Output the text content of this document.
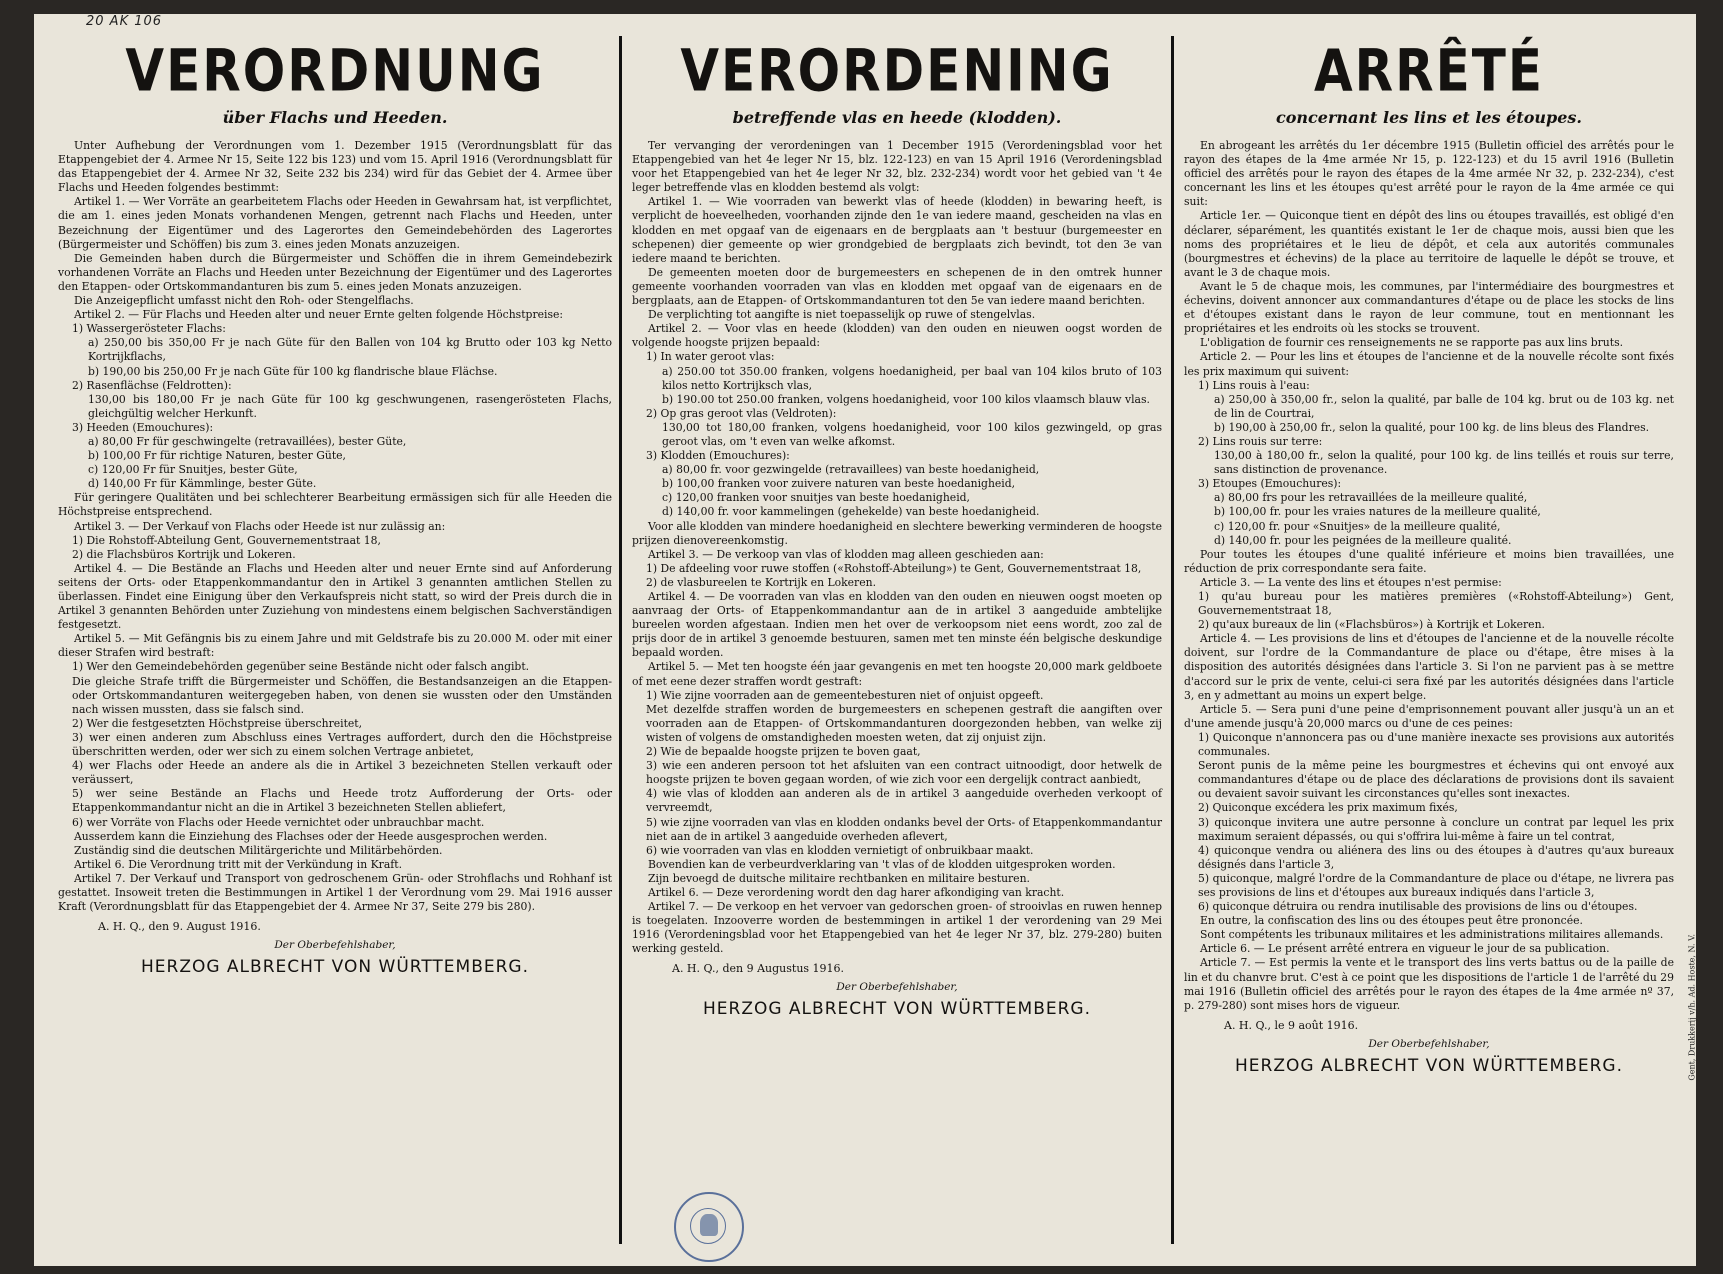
20 AK 106
VERORDNUNG
über Flachs und Heeden.

Unter Aufhebung der Verordnungen vom 1. Dezember 1915 (Verordnungsblatt für das Etappengebiet der 4. Armee Nr 15, Seite 122 bis 123) und vom 15. April 1916 (Verordnungsblatt für das Etappengebiet der 4. Armee Nr 32, Seite 232 bis 234) wird für das Gebiet der 4. Armee über Flachs und Heeden folgendes bestimmt:

Artikel 1. — Wer Vorräte an gearbeitetem Flachs oder Heeden in Gewahrsam hat, ist verpflichtet, die am 1. eines jeden Monats vorhandenen Mengen, getrennt nach Flachs und Heeden, unter Bezeichnung der Eigentümer und des Lagerortes den Gemeindebehörden des Lagerortes (Bürgermeister und Schöffen) bis zum 3. eines jeden Monats anzuzeigen.

Die Gemeinden haben durch die Bürgermeister und Schöffen die in ihrem Gemeindebezirk vorhandenen Vorräte an Flachs und Heeden unter Bezeichnung der Eigentümer und des Lagerortes den Etappen- oder Ortskommandanturen bis zum 5. eines jeden Monats anzuzeigen.

Die Anzeigepflicht umfasst nicht den Roh- oder Stengelflachs.

Artikel 2. — Für Flachs und Heeden alter und neuer Ernte gelten folgende Höchstpreise:

1) Wassergerösteter Flachs:

a) 250,00 bis 350,00 Fr je nach Güte für den Ballen von 104 kg Brutto oder 103 kg Netto Kortrijkflachs,

b) 190,00 bis 250,00 Fr je nach Güte für 100 kg flandrische blaue Flächse.

2) Rasenflächse (Feldrotten):

130,00 bis 180,00 Fr je nach Güte für 100 kg geschwungenen, rasengerösteten Flachs, gleichgültig welcher Herkunft.

3) Heeden (Emouchures):

a) 80,00 Fr für geschwingelte (retravaillées), bester Güte,

b) 100,00 Fr für richtige Naturen, bester Güte,

c) 120,00 Fr für Snuitjes, bester Güte,

d) 140,00 Fr für Kämmlinge, bester Güte.

Für geringere Qualitäten und bei schlechterer Bearbeitung ermässigen sich für alle Heeden die Höchstpreise entsprechend.

Artikel 3. — Der Verkauf von Flachs oder Heede ist nur zulässig an:

1) Die Rohstoff-Abteilung Gent, Gouvernementstraat 18,

2) die Flachsbüros Kortrijk und Lokeren.

Artikel 4. — Die Bestände an Flachs und Heeden alter und neuer Ernte sind auf Anforderung seitens der Orts- oder Etappenkommandantur den in Artikel 3 genannten amtlichen Stellen zu überlassen. Findet eine Einigung über den Verkaufspreis nicht statt, so wird der Preis durch die in Artikel 3 genannten Behörden unter Zuziehung von mindestens einem belgischen Sachverständigen festgesetzt.

Artikel 5. — Mit Gefängnis bis zu einem Jahre und mit Geldstrafe bis zu 20.000 M. oder mit einer dieser Strafen wird bestraft:

1) Wer den Gemeindebehörden gegenüber seine Bestände nicht oder falsch angibt.

Die gleiche Strafe trifft die Bürgermeister und Schöffen, die Bestandsanzeigen an die Etappen- oder Ortskommandanturen weitergegeben haben, von denen sie wussten oder den Umständen nach wissen mussten, dass sie falsch sind.

2) Wer die festgesetzten Höchstpreise überschreitet,

3) wer einen anderen zum Abschluss eines Vertrages auffordert, durch den die Höchstpreise überschritten werden, oder wer sich zu einem solchen Vertrage anbietet,

4) wer Flachs oder Heede an andere als die in Artikel 3 bezeichneten Stellen verkauft oder veräussert,

5) wer seine Bestände an Flachs und Heede trotz Aufforderung der Orts- oder Etappenkommandantur nicht an die in Artikel 3 bezeichneten Stellen abliefert,

6) wer Vorräte von Flachs oder Heede vernichtet oder unbrauchbar macht.

Ausserdem kann die Einziehung des Flachses oder der Heede ausgesprochen werden.

Zuständig sind die deutschen Militärgerichte und Militärbehörden.

Artikel 6. Die Verordnung tritt mit der Verkündung in Kraft.

Artikel 7. Der Verkauf und Transport von gedroschenem Grün- oder Strohflachs und Rohhanf ist gestattet. Insoweit treten die Bestimmungen in Artikel 1 der Verordnung vom 29. Mai 1916 ausser Kraft (Verordnungsblatt für das Etappengebiet der 4. Armee Nr 37, Seite 279 bis 280).

A. H. Q., den 9. August 1916.
Der Oberbefehlshaber,
HERZOG ALBRECHT VON WÜRTTEMBERG.
VERORDENING
betreffende vlas en heede (klodden).

Ter vervanging der verordeningen van 1 December 1915 (Verordeningsblad voor het Etappengebied van het 4e leger Nr 15, blz. 122-123) en van 15 April 1916 (Verordeningsblad voor het Etappengebied van het 4e leger Nr 32, blz. 232-234) wordt voor het gebied van 't 4e leger betreffende vlas en klodden bestemd als volgt:

Artikel 1. — Wie voorraden van bewerkt vlas of heede (klodden) in bewaring heeft, is verplicht de hoeveelheden, voorhanden zijnde den 1e van iedere maand, gescheiden na vlas en klodden en met opgaaf van de eigenaars en de bergplaats aan 't bestuur (burgemeester en schepenen) dier gemeente op wier grondgebied de bergplaats zich bevindt, tot den 3e van iedere maand te berichten.

De gemeenten moeten door de burgemeesters en schepenen de in den omtrek hunner gemeente voorhanden voorraden van vlas en klodden met opgaaf van de eigenaars en de bergplaats, aan de Etappen- of Ortskommandanturen tot den 5e van iedere maand berichten.

De verplichting tot aangifte is niet toepasselijk op ruwe of stengelvlas.

Artikel 2. — Voor vlas en heede (klodden) van den ouden en nieuwen oogst worden de volgende hoogste prijzen bepaald:

1) In water geroot vlas:

a) 250.00 tot 350.00 franken, volgens hoedanigheid, per baal van 104 kilos bruto of 103 kilos netto Kortrijksch vlas,

b) 190.00 tot 250.00 franken, volgens hoedanigheid, voor 100 kilos vlaamsch blauw vlas.

2) Op gras geroot vlas (Veldroten):

130,00 tot 180,00 franken, volgens hoedanigheid, voor 100 kilos gezwingeld, op gras geroot vlas, om 't even van welke afkomst.

3) Klodden (Emouchures):

a) 80,00 fr. voor gezwingelde (retravaillees) van beste hoedanigheid,

b) 100,00 franken voor zuivere naturen van beste hoedanigheid,

c) 120,00 franken voor snuitjes van beste hoedanigheid,

d) 140,00 fr. voor kammelingen (gehekelde) van beste hoedanigheid.

Voor alle klodden van mindere hoedanigheid en slechtere bewerking verminderen de hoogste prijzen dienovereenkomstig.

Artikel 3. — De verkoop van vlas of klodden mag alleen geschieden aan:

1) De afdeeling voor ruwe stoffen («Rohstoff-Abteilung») te Gent, Gouvernementstraat 18,

2) de vlasbureelen te Kortrijk en Lokeren.

Artikel 4. — De voorraden van vlas en klodden van den ouden en nieuwen oogst moeten op aanvraag der Orts- of Etappenkommandantur aan de in artikel 3 aangeduide ambtelijke bureelen worden afgestaan. Indien men het over de verkoopsom niet eens wordt, zoo zal de prijs door de in artikel 3 genoemde bestuuren, samen met ten minste één belgische deskundige bepaald worden.

Artikel 5. — Met ten hoogste één jaar gevangenis en met ten hoogste 20,000 mark geldboete of met eene dezer straffen wordt gestraft:

1) Wie zijne voorraden aan de gemeentebesturen niet of onjuist opgeeft.

Met dezelfde straffen worden de burgemeesters en schepenen gestraft die aangiften over voorraden aan de Etappen- of Ortskommandanturen doorgezonden hebben, van welke zij wisten of volgens de omstandigheden moesten weten, dat zij onjuist zijn.

2) Wie de bepaalde hoogste prijzen te boven gaat,

3) wie een anderen persoon tot het afsluiten van een contract uitnoodigt, door hetwelk de hoogste prijzen te boven gegaan worden, of wie zich voor een dergelijk contract aanbiedt,

4) wie vlas of klodden aan anderen als de in artikel 3 aangeduide overheden verkoopt of vervreemdt,

5) wie zijne voorraden van vlas en klodden ondanks bevel der Orts- of Etappenkommandantur niet aan de in artikel 3 aangeduide overheden aflevert,

6) wie voorraden van vlas en klodden vernietigt of onbruikbaar maakt.

Bovendien kan de verbeurdverklaring van 't vlas of de klodden uitgesproken worden.

Zijn bevoegd de duitsche militaire rechtbanken en militaire besturen.

Artikel 6. — Deze verordening wordt den dag harer afkondiging van kracht.

Artikel 7. — De verkoop en het vervoer van gedorschen groen- of strooivlas en ruwen hennep is toegelaten. Inzooverre worden de bestemmingen in artikel 1 der verordening van 29 Mei 1916 (Verordeningsblad voor het Etappengebied van het 4e leger Nr 37, blz. 279-280) buiten werking gesteld.

A. H. Q., den 9 Augustus 1916.
Der Oberbefehlshaber,
HERZOG ALBRECHT VON WÜRTTEMBERG.
ARRÊTÉ
concernant les lins et les étoupes.

En abrogeant les arrêtés du 1er décembre 1915 (Bulletin officiel des arrêtés pour le rayon des étapes de la 4me armée Nr 15, p. 122-123) et du 15 avril 1916 (Bulletin officiel des arrêtés pour le rayon des étapes de la 4me armée Nr 32, p. 232-234), c'est concernant les lins et les étoupes qu'est arrêté pour le rayon de la 4me armée ce qui suit:

Article 1er. — Quiconque tient en dépôt des lins ou étoupes travaillés, est obligé d'en déclarer, séparément, les quantités existant le 1er de chaque mois, aussi bien que les noms des propriétaires et le lieu de dépôt, et cela aux autorités communales (bourgmestres et échevins) de la place au territoire de laquelle le dépôt se trouve, et avant le 3 de chaque mois.

Avant le 5 de chaque mois, les communes, par l'intermédiaire des bourgmestres et échevins, doivent annoncer aux commandantures d'étape ou de place les stocks de lins et d'étoupes existant dans le rayon de leur commune, tout en mentionnant les propriétaires et les endroits où les stocks se trouvent.

L'obligation de fournir ces renseignements ne se rapporte pas aux lins bruts.

Article 2. — Pour les lins et étoupes de l'ancienne et de la nouvelle récolte sont fixés les prix maximum qui suivent:

1) Lins rouis à l'eau:

a) 250,00 à 350,00 fr., selon la qualité, par balle de 104 kg. brut ou de 103 kg. net de lin de Courtrai,

b) 190,00 à 250,00 fr., selon la qualité, pour 100 kg. de lins bleus des Flandres.

2) Lins rouis sur terre:

130,00 à 180,00 fr., selon la qualité, pour 100 kg. de lins teillés et rouis sur terre, sans distinction de provenance.

3) Etoupes (Emouchures):

a) 80,00 frs pour les retravaillées de la meilleure qualité,

b) 100,00 fr. pour les vraies natures de la meilleure qualité,

c) 120,00 fr. pour «Snuitjes» de la meilleure qualité,

d) 140,00 fr. pour les peignées de la meilleure qualité.

Pour toutes les étoupes d'une qualité inférieure et moins bien travaillées, une réduction de prix correspondante sera faite.

Article 3. — La vente des lins et étoupes n'est permise:

1) qu'au bureau pour les matières premières («Rohstoff-Abteilung») Gent, Gouvernementstraat 18,

2) qu'aux bureaux de lin («Flachsbüros») à Kortrijk et Lokeren.

Article 4. — Les provisions de lins et d'étoupes de l'ancienne et de la nouvelle récolte doivent, sur l'ordre de la Commandanture de place ou d'étape, être mises à la disposition des autorités désignées dans l'article 3. Si l'on ne parvient pas à se mettre d'accord sur le prix de vente, celui-ci sera fixé par les autorités désignées dans l'article 3, en y admettant au moins un expert belge.

Article 5. — Sera puni d'une peine d'emprisonnement pouvant aller jusqu'à un an et d'une amende jusqu'à 20,000 marcs ou d'une de ces peines:

1) Quiconque n'annoncera pas ou d'une manière inexacte ses provisions aux autorités communales.

Seront punis de la même peine les bourgmestres et échevins qui ont envoyé aux commandantures d'étape ou de place des déclarations de provisions dont ils savaient ou devaient savoir suivant les circonstances qu'elles sont inexactes.

2) Quiconque excédera les prix maximum fixés,

3) quiconque invitera une autre personne à conclure un contrat par lequel les prix maximum seraient dépassés, ou qui s'offrira lui-même à faire un tel contrat,

4) quiconque vendra ou aliénera des lins ou des étoupes à d'autres qu'aux bureaux désignés dans l'article 3,

5) quiconque, malgré l'ordre de la Commandanture de place ou d'étape, ne livrera pas ses provisions de lins et d'étoupes aux bureaux indiqués dans l'article 3,

6) quiconque détruira ou rendra inutilisable des provisions de lins ou d'étoupes.

En outre, la confiscation des lins ou des étoupes peut être prononcée.

Sont compétents les tribunaux militaires et les administrations militaires allemands.

Article 6. — Le présent arrêté entrera en vigueur le jour de sa publication.

Article 7. — Est permis la vente et le transport des lins verts battus ou de la paille de lin et du chanvre brut. C'est à ce point que les dispositions de l'article 1 de l'arrêté du 29 mai 1916 (Bulletin officiel des arrêtés pour le rayon des étapes de la 4me armée nº 37, p. 279-280) sont mises hors de vigueur.

A. H. Q., le 9 août 1916.
Der Oberbefehlshaber,
HERZOG ALBRECHT VON WÜRTTEMBERG.	Gent, Drukkerij v/h. Ad. Hoste, N. V.
